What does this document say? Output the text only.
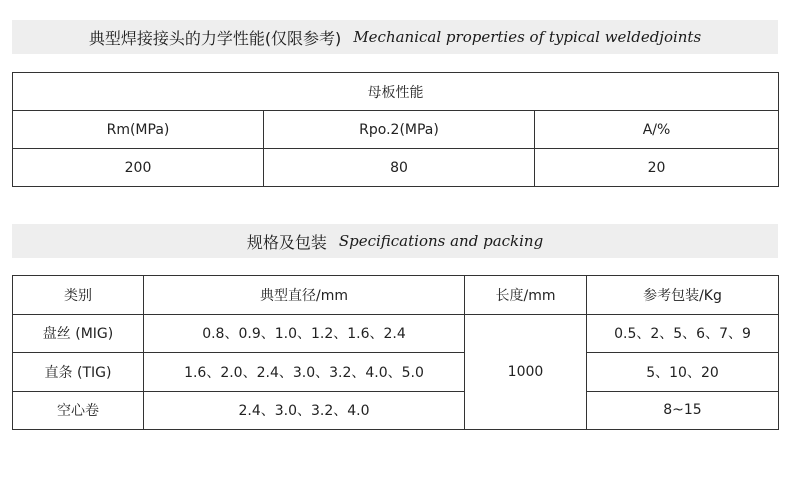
典型焊接接头的力学性能(仅限参考) Mechanical properties of typical weldedjoints
母板性能		
Rm(MPa)	Rpo.2(MPa)	A/%
200	80	20
规格及包装 Specifications and packing
类别	典型直径/mm	长度/mm	参考包装/Kg
盘丝 (MIG)	0.8、0.9、1.0、1.2、1.6、2.4	1000	0.5、2、5、6、7、9
直条 (TIG)	1.6、2.0、2.4、3.0、3.2、4.0、5.0		5、10、20
空心卷	2.4、3.0、3.2、4.0		8~15
